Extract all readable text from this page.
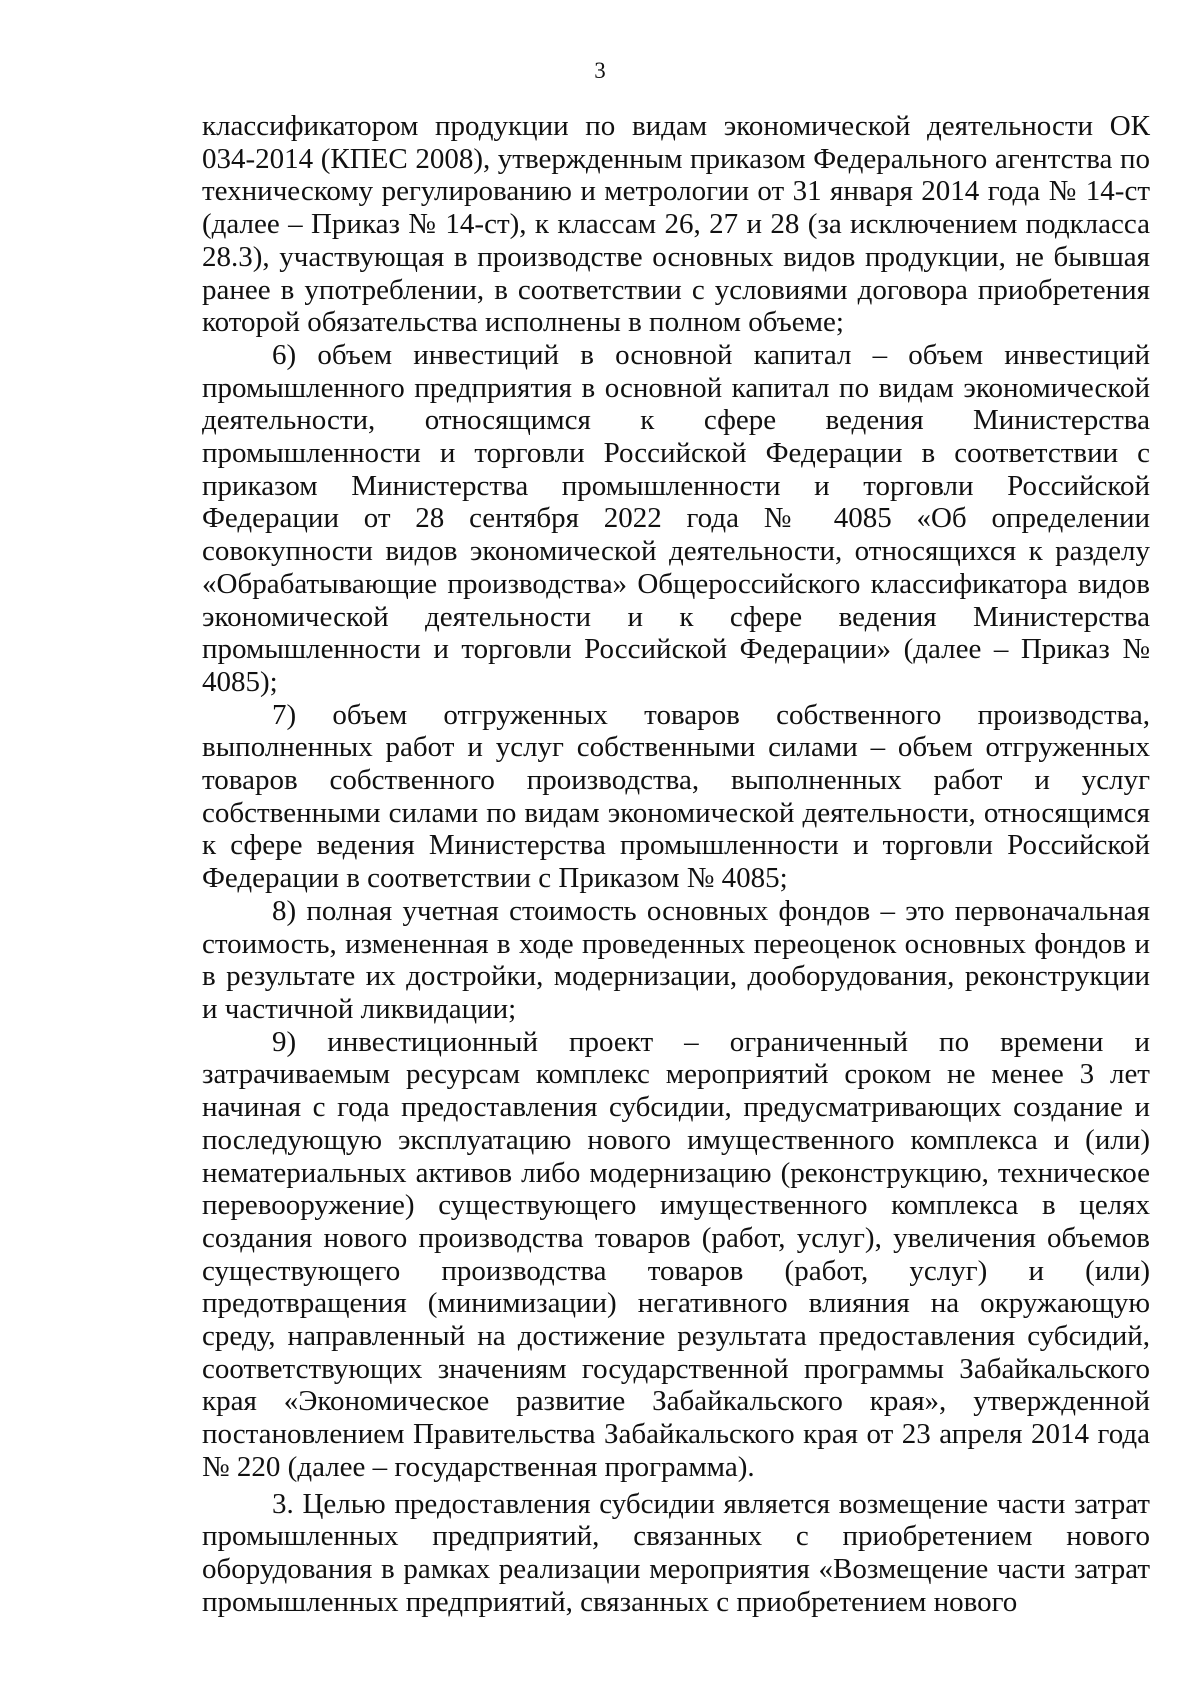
3

классификатором продукции по видам экономической деятельности ОК 034-2014 (КПЕС 2008), утвержденным приказом Федерального агентства по техническому регулированию и метрологии от 31 января 2014 года № 14-ст (далее – Приказ № 14-ст), к классам 26, 27 и 28 (за исключением подкласса 28.3), участвующая в производстве основных видов продукции, не бывшая ранее в употреблении, в соответствии с условиями договора приобретения которой обязательства исполнены в полном объеме;

6) объем инвестиций в основной капитал – объем инвестиций промышленного предприятия в основной капитал по видам экономической деятельности, относящимся к сфере ведения Министерства промышленности и торговли Российской Федерации в соответствии с приказом Министерства промышленности и торговли Российской Федерации от 28 сентября 2022 года № 4085 «Об определении совокупности видов экономической деятельности, относящихся к разделу «Обрабатывающие производства» Общероссийского классификатора видов экономической деятельности и к сфере ведения Министерства промышленности и торговли Российской Федерации» (далее – Приказ № 4085);

7) объем отгруженных товаров собственного производства, выполненных работ и услуг собственными силами – объем отгруженных товаров собственного производства, выполненных работ и услуг собственными силами по видам экономической деятельности, относящимся к сфере ведения Министерства промышленности и торговли Российской Федерации в соответствии с Приказом № 4085;

8) полная учетная стоимость основных фондов – это первоначальная стоимость, измененная в ходе проведенных переоценок основных фондов и в результате их достройки, модернизации, дооборудования, реконструкции и частичной ликвидации;

9) инвестиционный проект – ограниченный по времени и затрачиваемым ресурсам комплекс мероприятий сроком не менее 3 лет начиная с года предоставления субсидии, предусматривающих создание и последующую эксплуатацию нового имущественного комплекса и (или) нематериальных активов либо модернизацию (реконструкцию, техническое перевооружение) существующего имущественного комплекса в целях создания нового производства товаров (работ, услуг), увеличения объемов существующего производства товаров (работ, услуг) и (или) предотвращения (минимизации) негативного влияния на окружающую среду, направленный на достижение результата предоставления субсидий, соответствующих значениям государственной программы Забайкальского края «Экономическое развитие Забайкальского края», утвержденной постановлением Правительства Забайкальского края от 23 апреля 2014 года № 220 (далее – государственная программа).

3. Целью предоставления субсидии является возмещение части затрат промышленных предприятий, связанных с приобретением нового оборудования в рамках реализации мероприятия «Возмещение части затрат промышленных предприятий, связанных с приобретением нового
